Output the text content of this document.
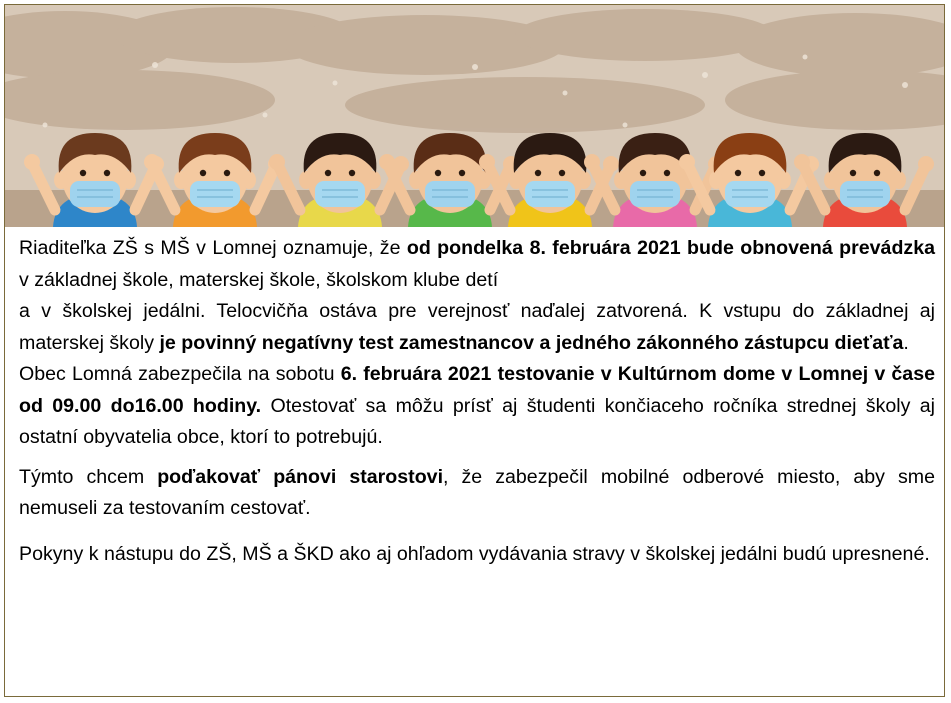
Riaditeľka ZŠ s MŠ v Lomnej oznamuje, že od pondelka 8. februára 2021 bude obnovená prevádzka v základnej škole, materskej škole, školskom klube detí
a v školskej jedálni. Telocvičňa ostáva pre verejnosť naďalej zatvorená. K vstupu do základnej aj materskej školy je povinný negatívny test zamestnancov a jedného zákonného zástupcu dieťaťa.

Obec Lomná zabezpečila na sobotu 6. februára 2021 testovanie v Kultúrnom dome v Lomnej v čase od 09.00 do16.00 hodiny. Otestovať sa môžu prísť aj študenti končiaceho ročníka strednej školy aj ostatní obyvatelia obce, ktorí to potrebujú.

Týmto chcem poďakovať pánovi starostovi, že zabezpečil mobilné odberové miesto, aby sme nemuseli za testovaním cestovať.

Pokyny k nástupu do ZŠ, MŠ a ŠKD ako aj ohľadom vydávania stravy v školskej jedálni budú upresnené.
